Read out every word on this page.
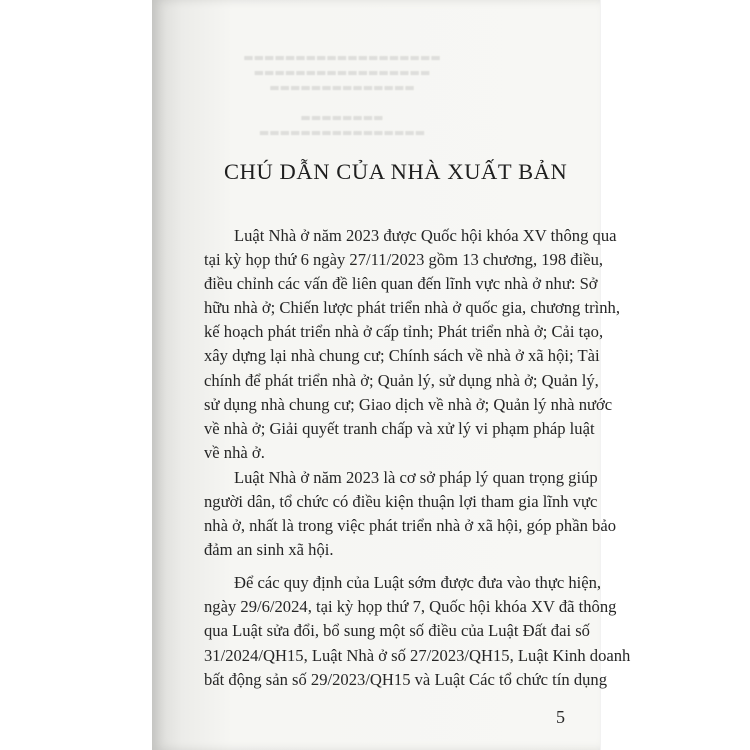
▬▬▬▬▬▬▬▬▬▬▬▬▬▬▬▬▬▬▬
▬▬▬▬▬▬▬▬▬▬▬▬▬▬▬▬▬
▬▬▬▬▬▬▬▬▬▬▬▬▬▬

▬▬▬▬▬▬▬▬
▬▬▬▬▬▬▬▬▬▬▬▬▬▬▬▬
CHÚ DẪN CỦA NHÀ XUẤT BẢN
Luật Nhà ở năm 2023 được Quốc hội khóa XV thông qua
tại kỳ họp thứ 6 ngày 27/11/2023 gồm 13 chương, 198 điều,
điều chỉnh các vấn đề liên quan đến lĩnh vực nhà ở như: Sở
hữu nhà ở; Chiến lược phát triển nhà ở quốc gia, chương trình,
kế hoạch phát triển nhà ở cấp tỉnh; Phát triển nhà ở; Cải tạo,
xây dựng lại nhà chung cư; Chính sách về nhà ở xã hội; Tài
chính để phát triển nhà ở; Quản lý, sử dụng nhà ở; Quản lý,
sử dụng nhà chung cư; Giao dịch về nhà ở; Quản lý nhà nước
về nhà ở; Giải quyết tranh chấp và xử lý vi phạm pháp luật
về nhà ở.
Luật Nhà ở năm 2023 là cơ sở pháp lý quan trọng giúp
người dân, tổ chức có điều kiện thuận lợi tham gia lĩnh vực
nhà ở, nhất là trong việc phát triển nhà ở xã hội, góp phần bảo
đảm an sinh xã hội.
Để các quy định của Luật sớm được đưa vào thực hiện,
ngày 29/6/2024, tại kỳ họp thứ 7, Quốc hội khóa XV đã thông
qua Luật sửa đổi, bổ sung một số điều của Luật Đất đai số
31/2024/QH15, Luật Nhà ở số 27/2023/QH15, Luật Kinh doanh
bất động sản số 29/2023/QH15 và Luật Các tổ chức tín dụng
5
